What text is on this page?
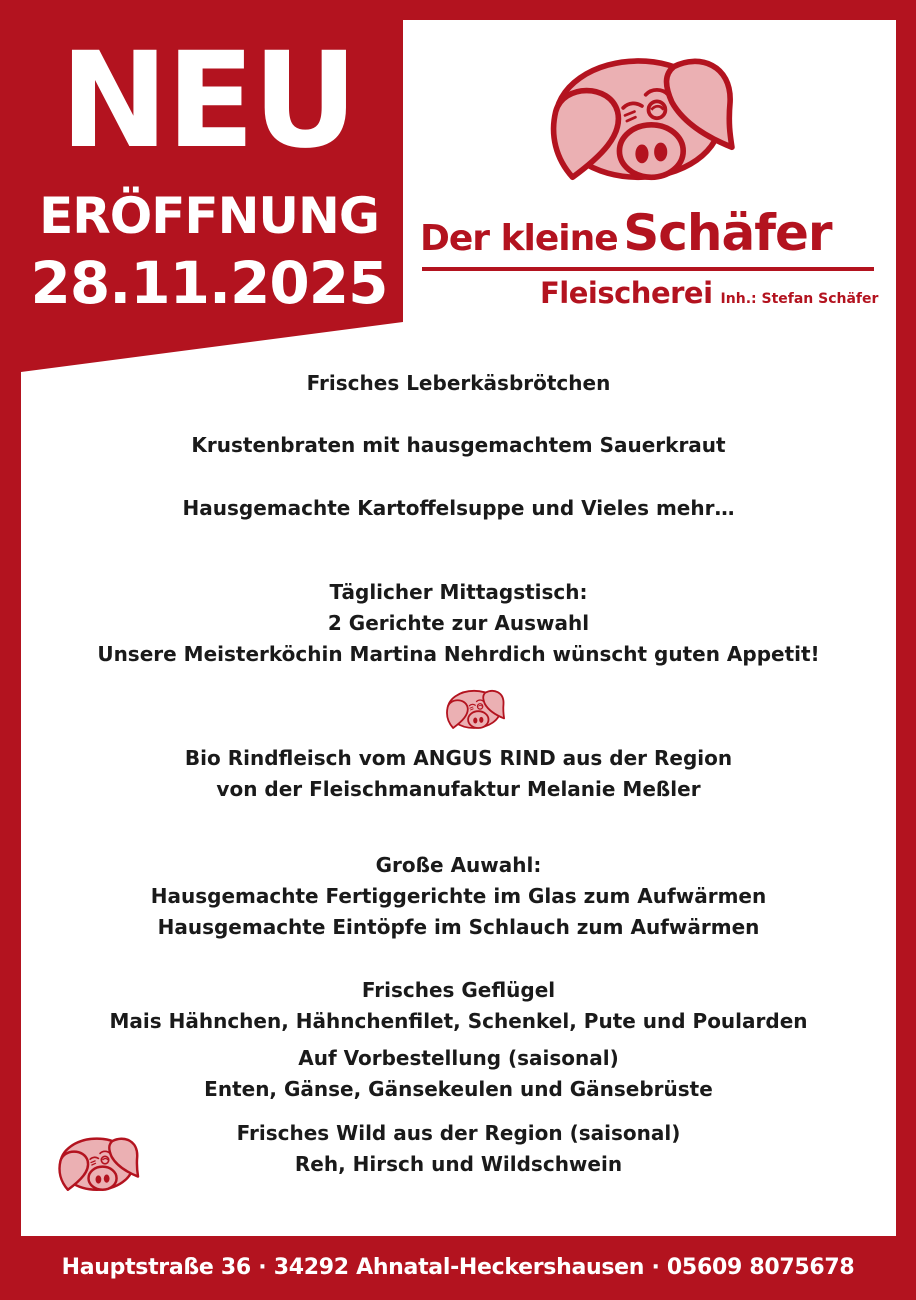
NEU
ERÖFFNUNG
28.11.2025
Der kleine Schäfer
Fleischerei Inh.: Stefan Schäfer
Frisches Leberkäsbrötchen
Krustenbraten mit hausgemachtem Sauerkraut
Hausgemachte Kartoffelsuppe und Vieles mehr…
Täglicher Mittagstisch:
2 Gerichte zur Auswahl
Unsere Meisterköchin Martina Nehrdich wünscht guten Appetit!
Bio Rindfleisch vom ANGUS RIND aus der Region
von der Fleischmanufaktur Melanie Meßler
Große Auwahl:
Hausgemachte Fertiggerichte im Glas zum Aufwärmen
Hausgemachte Eintöpfe im Schlauch zum Aufwärmen
Frisches Geflügel
Mais Hähnchen, Hähnchenfilet, Schenkel, Pute und Poularden
Auf Vorbestellung (saisonal)
Enten, Gänse, Gänsekeulen und Gänsebrüste
Frisches Wild aus der Region (saisonal)
Reh, Hirsch und Wildschwein
Hauptstraße 36 · 34292 Ahnatal-Heckershausen · 05609 8075678
